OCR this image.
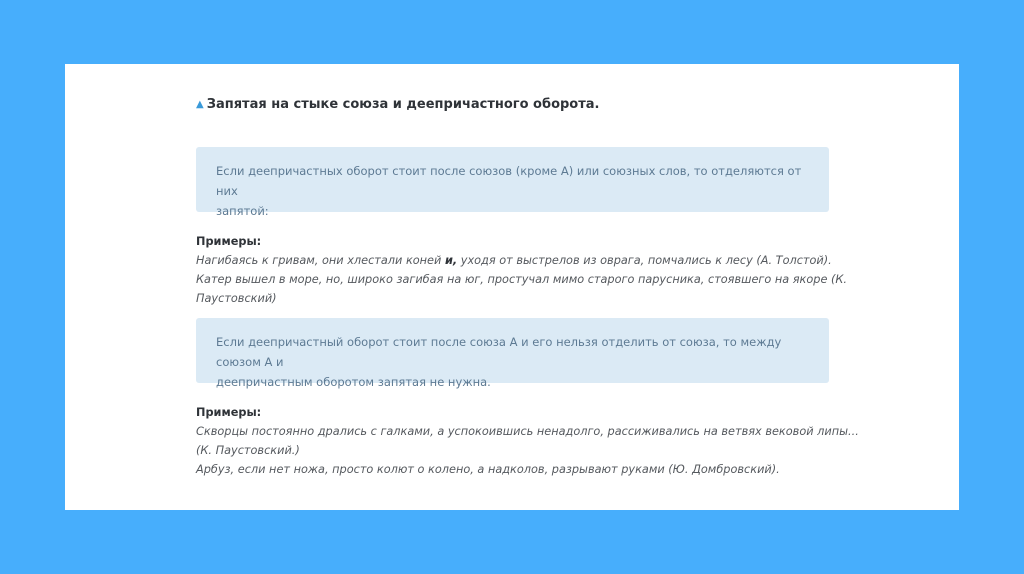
▲ Запятая на стыке союза и деепричастного оборота.
Если деепричастных оборот стоит после союзов (кроме А) или союзных слов, то отделяются от них
запятой:
Примеры:
Нагибаясь к гривам, они хлестали коней и, уходя от выстрелов из оврага, помчались к лесу (А. Толстой).
Катер вышел в море, но, широко загибая на юг, простучал мимо старого парусника, стоявшего на якоре (К.
Паустовский)
Если деепричастный оборот стоит после союза А и его нельзя отделить от союза, то между союзом А и
деепричастным оборотом запятая не нужна.
Примеры:
Скворцы постоянно дрались с галками, а успокоившись ненадолго, рассиживались на ветвях вековой липы...
(К. Паустовский.)
Арбуз, если нет ножа, просто колют о колено, а надколов, разрывают руками (Ю. Домбровский).
